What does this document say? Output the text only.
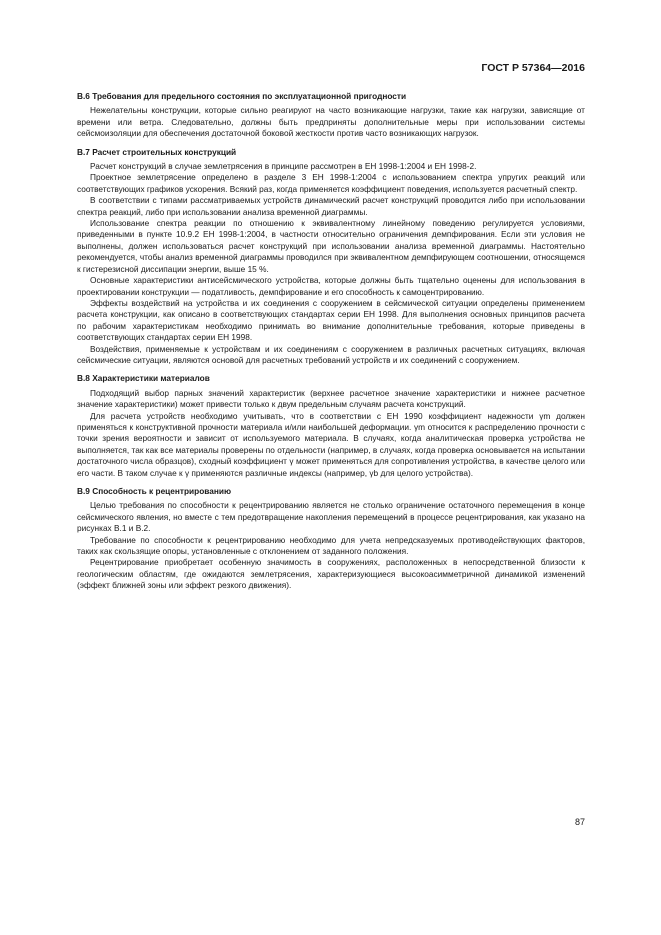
ГОСТ Р 57364—2016
B.6 Требования для предельного состояния по эксплуатационной пригодности

Нежелательны конструкции, которые сильно реагируют на часто возникающие нагрузки, такие как нагрузки, зависящие от времени или ветра. Следовательно, должны быть предприняты дополнительные меры при использовании системы сейсмоизоляции для обеспечения достаточной боковой жесткости против часто возникающих нагрузок.

B.7 Расчет строительных конструкций

Расчет конструкций в случае землетрясения в принципе рассмотрен в ЕН 1998-1:2004 и ЕН 1998-2.

Проектное землетрясение определено в разделе 3 ЕН 1998-1:2004 с использованием спектра упругих реакций или соответствующих графиков ускорения. Всякий раз, когда применяется коэффициент поведения, используется расчетный спектр.

В соответствии с типами рассматриваемых устройств динамический расчет конструкций проводится либо при использовании спектра реакций, либо при использовании анализа временной диаграммы.

Использование спектра реакции по отношению к эквивалентному линейному поведению регулируется условиями, приведенными в пункте 10.9.2 ЕН 1998-1:2004, в частности относительно ограничения демпфирования. Если эти условия не выполнены, должен использоваться расчет конструкций при использовании анализа временной диаграммы. Настоятельно рекомендуется, чтобы анализ временной диаграммы проводился при эквивалентном демпфирующем соотношении, относящемся к гистерезисной диссипации энергии, выше 15 %.

Основные характеристики антисейсмического устройства, которые должны быть тщательно оценены для использования в проектировании конструкции — податливость, демпфирование и его способность к самоцентрированию.

Эффекты воздействий на устройства и их соединения с сооружением в сейсмической ситуации определены применением расчета конструкции, как описано в соответствующих стандартах серии ЕН 1998. Для выполнения основных принципов расчета по рабочим характеристикам необходимо принимать во внимание дополнительные требования, которые приведены в соответствующих стандартах серии ЕН 1998.

Воздействия, применяемые к устройствам и их соединениям с сооружением в различных расчетных ситуациях, включая сейсмические ситуации, являются основой для расчетных требований устройств и их соединений с сооружением.

B.8 Характеристики материалов

Подходящий выбор парных значений характеристик (верхнее расчетное значение характеристики и нижнее расчетное значение характеристики) может привести только к двум предельным случаям расчета конструкций.

Для расчета устройств необходимо учитывать, что в соответствии с ЕН 1990 коэффициент надежности γm должен применяться к конструктивной прочности материала и/или наибольшей деформации. γm относится к распределению прочности с точки зрения вероятности и зависит от используемого материала. В случаях, когда аналитическая проверка устройства не выполняется, так как все материалы проверены по отдельности (например, в случаях, когда проверка основывается на испытании достаточного числа образцов), сходный коэффициент γ может применяться для сопротивления устройства, в качестве целого или его части. В таком случае к γ применяются различные индексы (например, γb для целого устройства).

B.9 Способность к рецентрированию

Целью требования по способности к рецентрированию является не столько ограничение остаточного перемещения в конце сейсмического явления, но вместе с тем предотвращение накопления перемещений в процессе рецентрирования, как указано на рисунках B.1 и B.2.

Требование по способности к рецентрированию необходимо для учета непредсказуемых противодействующих факторов, таких как скользящие опоры, установленные с отклонением от заданного положения.

Рецентрирование приобретает особенную значимость в сооружениях, расположенных в непосредственной близости к геологическим областям, где ожидаются землетрясения, характеризующиеся высокоасимметричной динамикой изменений (эффект ближней зоны или эффект резкого движения).

87
